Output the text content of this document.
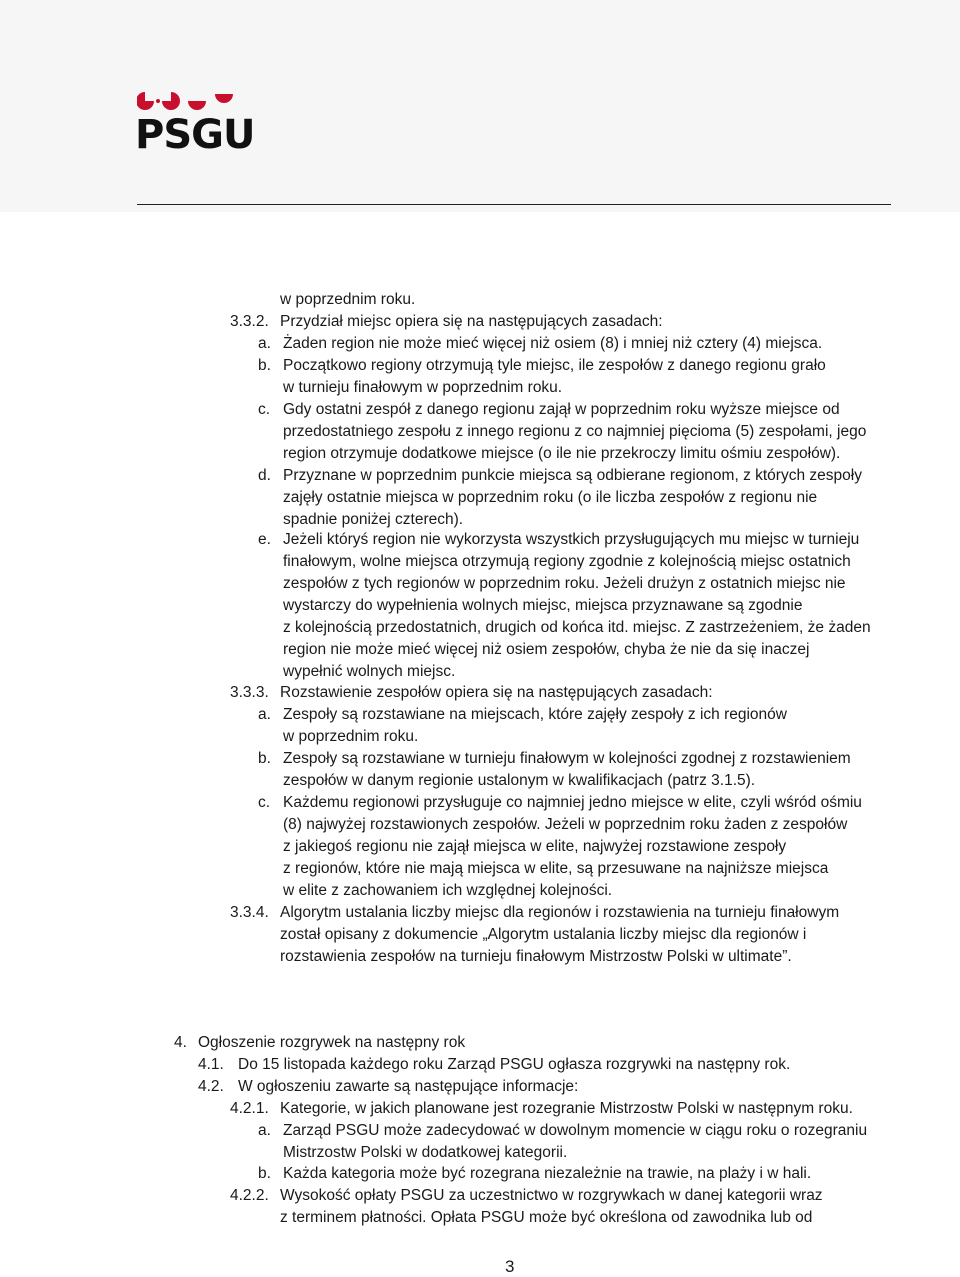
PSGU
w poprzednim roku.
3.3.2. Przydział miejsc opiera się na następujących zasadach:
a. Żaden region nie może mieć więcej niż osiem (8) i mniej niż cztery (4) miejsca.
b. Początkowo regiony otrzymują tyle miejsc, ile zespołów z danego regionu grało
w turnieju finałowym w poprzednim roku.
c. Gdy ostatni zespół z danego regionu zajął w poprzednim roku wyższe miejsce od
przedostatniego zespołu z innego regionu z co najmniej pięcioma (5) zespołami, jego
region otrzymuje dodatkowe miejsce (o ile nie przekroczy limitu ośmiu zespołów).
d. Przyznane w poprzednim punkcie miejsca są odbierane regionom, z których zespoły
zajęły ostatnie miejsca w poprzednim roku (o ile liczba zespołów z regionu nie
spadnie poniżej czterech).
e. Jeżeli któryś region nie wykorzysta wszystkich przysługujących mu miejsc w turnieju
finałowym, wolne miejsca otrzymują regiony zgodnie z kolejnością miejsc ostatnich
zespołów z tych regionów w poprzednim roku. Jeżeli drużyn z ostatnich miejsc nie
wystarczy do wypełnienia wolnych miejsc, miejsca przyznawane są zgodnie
z kolejnością przedostatnich, drugich od końca itd. miejsc. Z zastrzeżeniem, że żaden
region nie może mieć więcej niż osiem zespołów, chyba że nie da się inaczej
wypełnić wolnych miejsc.
3.3.3. Rozstawienie zespołów opiera się na następujących zasadach:
a. Zespoły są rozstawiane na miejscach, które zajęły zespoły z ich regionów
w poprzednim roku.
b. Zespoły są rozstawiane w turnieju finałowym w kolejności zgodnej z rozstawieniem
zespołów w danym regionie ustalonym w kwalifikacjach (patrz 3.1.5).
c. Każdemu regionowi przysługuje co najmniej jedno miejsce w elite, czyli wśród ośmiu
(8) najwyżej rozstawionych zespołów. Jeżeli w poprzednim roku żaden z zespołów
z jakiegoś regionu nie zajął miejsca w elite, najwyżej rozstawione zespoły
z regionów, które nie mają miejsca w elite, są przesuwane na najniższe miejsca
w elite z zachowaniem ich względnej kolejności.
3.3.4. Algorytm ustalania liczby miejsc dla regionów i rozstawienia na turnieju finałowym
został opisany z dokumencie „Algorytm ustalania liczby miejsc dla regionów i
rozstawienia zespołów na turnieju finałowym Mistrzostw Polski w ultimate”.
4. Ogłoszenie rozgrywek na następny rok
4.1. Do 15 listopada każdego roku Zarząd PSGU ogłasza rozgrywki na następny rok.
4.2. W ogłoszeniu zawarte są następujące informacje:
4.2.1. Kategorie, w jakich planowane jest rozegranie Mistrzostw Polski w następnym roku.
a. Zarząd PSGU może zadecydować w dowolnym momencie w ciągu roku o rozegraniu
Mistrzostw Polski w dodatkowej kategorii.
b. Każda kategoria może być rozegrana niezależnie na trawie, na plaży i w hali.
4.2.2. Wysokość opłaty PSGU za uczestnictwo w rozgrywkach w danej kategorii wraz
z terminem płatności. Opłata PSGU może być określona od zawodnika lub od
3
